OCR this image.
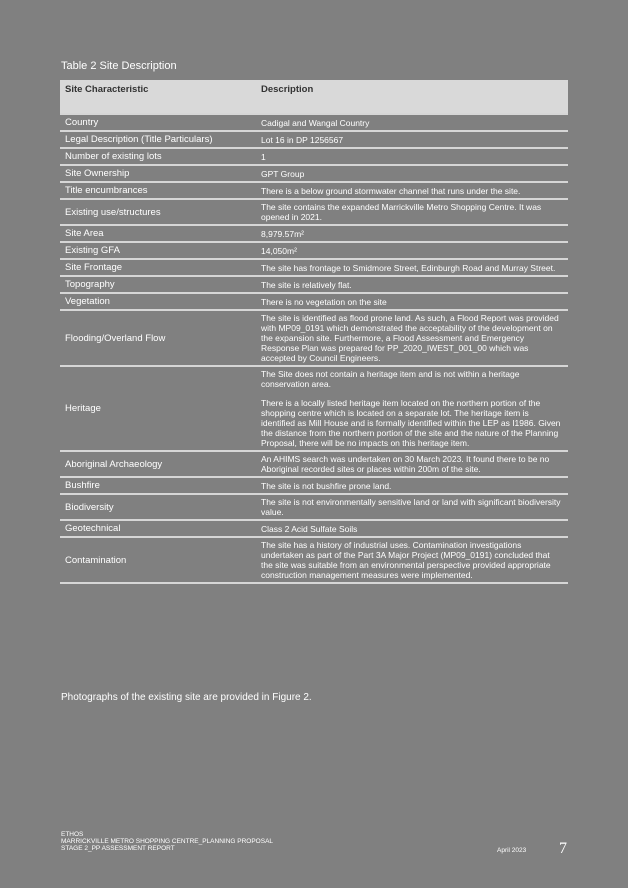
Table 2 Site Description
Site Characteristic	Description
Country	Cadigal and Wangal Country
Legal Description (Title Particulars)	Lot 16 in DP 1256567
Number of existing lots	1
Site Ownership	GPT Group
Title encumbrances	There is a below ground stormwater channel that runs under the site.
Existing use/structures	The site contains the expanded Marrickville Metro Shopping Centre. It was opened in 2021.
Site Area	8,979.57m²
Existing GFA	14,050m²
Site Frontage	The site has frontage to Smidmore Street, Edinburgh Road and Murray Street.
Topography	The site is relatively flat.
Vegetation	There is no vegetation on the site
Flooding/Overland Flow	The site is identified as flood prone land. As such, a Flood Report was provided with MP09_0191 which demonstrated the acceptability of the development on the expansion site. Furthermore, a Flood Assessment and Emergency Response Plan was prepared for PP_2020_IWEST_001_00 which was accepted by Council Engineers.
Heritage	The Site does not contain a heritage item and is not within a heritage conservation area.
There is a locally listed heritage item located on the northern portion of the shopping centre which is located on a separate lot. The heritage item is identified as Mill House and is formally identified within the LEP as I1986. Given the distance from the northern portion of the site and the nature of the Planning Proposal, there will be no impacts on this heritage item.
Aboriginal Archaeology	An AHIMS search was undertaken on 30 March 2023. It found there to be no Aboriginal recorded sites or places within 200m of the site.
Bushfire	The site is not bushfire prone land.
Biodiversity	The site is not environmentally sensitive land or land with significant biodiversity value.
Geotechnical	Class 2 Acid Sulfate Soils
Contamination	The site has a history of industrial uses. Contamination investigations undertaken as part of the Part 3A Major Project (MP09_0191) concluded that the site was suitable from an environmental perspective provided appropriate construction management measures were implemented.
Photographs of the existing site are provided in Figure 2.
ETHOS
MARRICKVILLE METRO SHOPPING CENTRE_PLANNING PROPOSAL
STAGE 2_PP ASSESSMENT REPORT	April 2023 7
